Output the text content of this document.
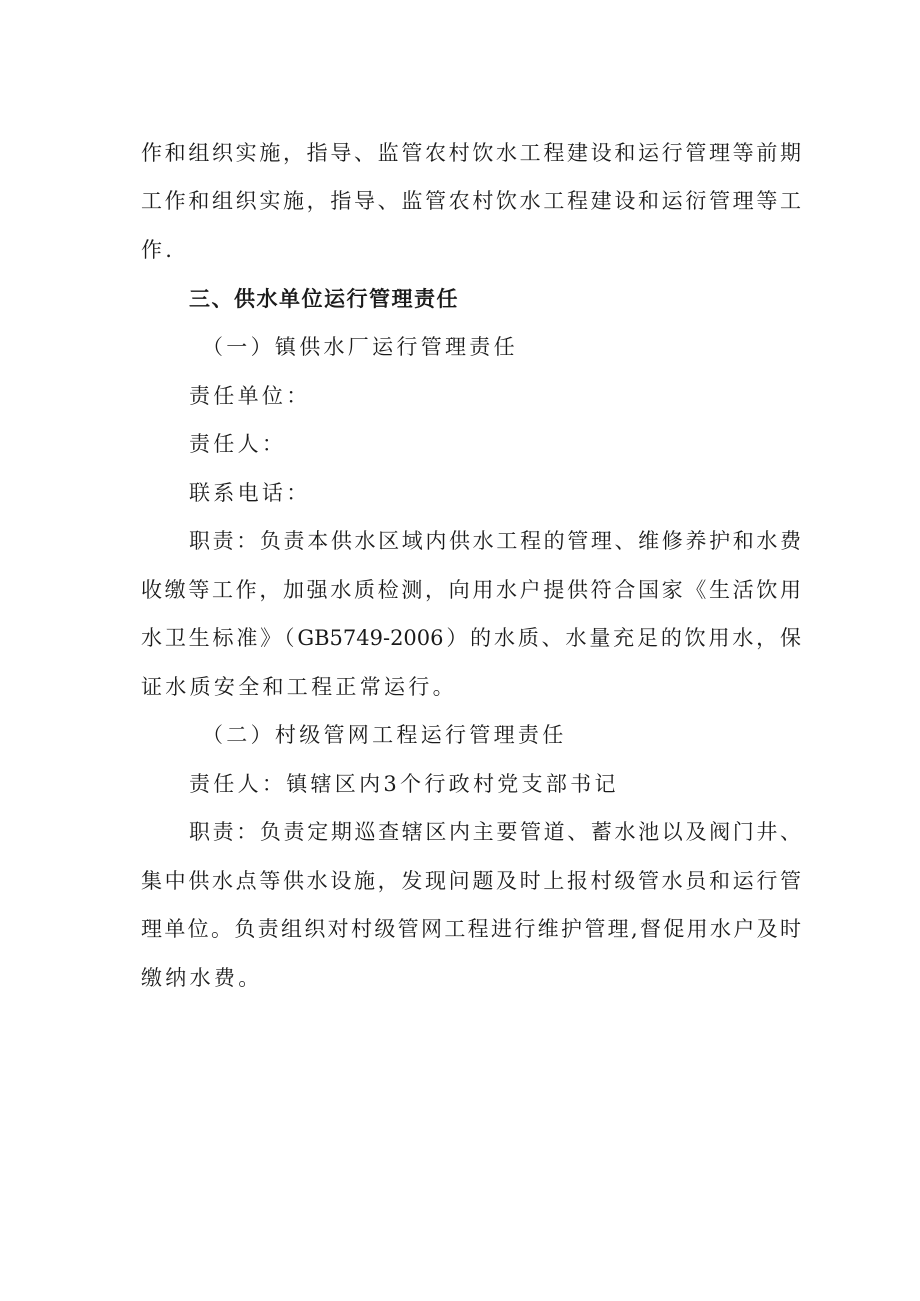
作和组织实施，指导、监管农村饮水工程建设和运行管理等前期
工作和组织实施，指导、监管农村饮水工程建设和运衍管理等工
作.
三、供水单位运行管理责任
（一）镇供水厂运行管理责任
责任单位：
责任人：
联系电话：
职责：负责本供水区域内供水工程的管理、维修养护和水费
收缴等工作，加强水质检测，向用水户提供符合国家《生活饮用
水卫生标准》（GB5749-2006）的水质、水量充足的饮用水，保
证水质安全和工程正常运行。
（二）村级管网工程运行管理责任
责任人：镇辖区内3个行政村党支部书记
职责：负责定期巡查辖区内主要管道、蓄水池以及阀门井、
集中供水点等供水设施，发现问题及时上报村级管水员和运行管
理单位。负责组织对村级管网工程进行维护管理,督促用水户及时
缴纳水费。
